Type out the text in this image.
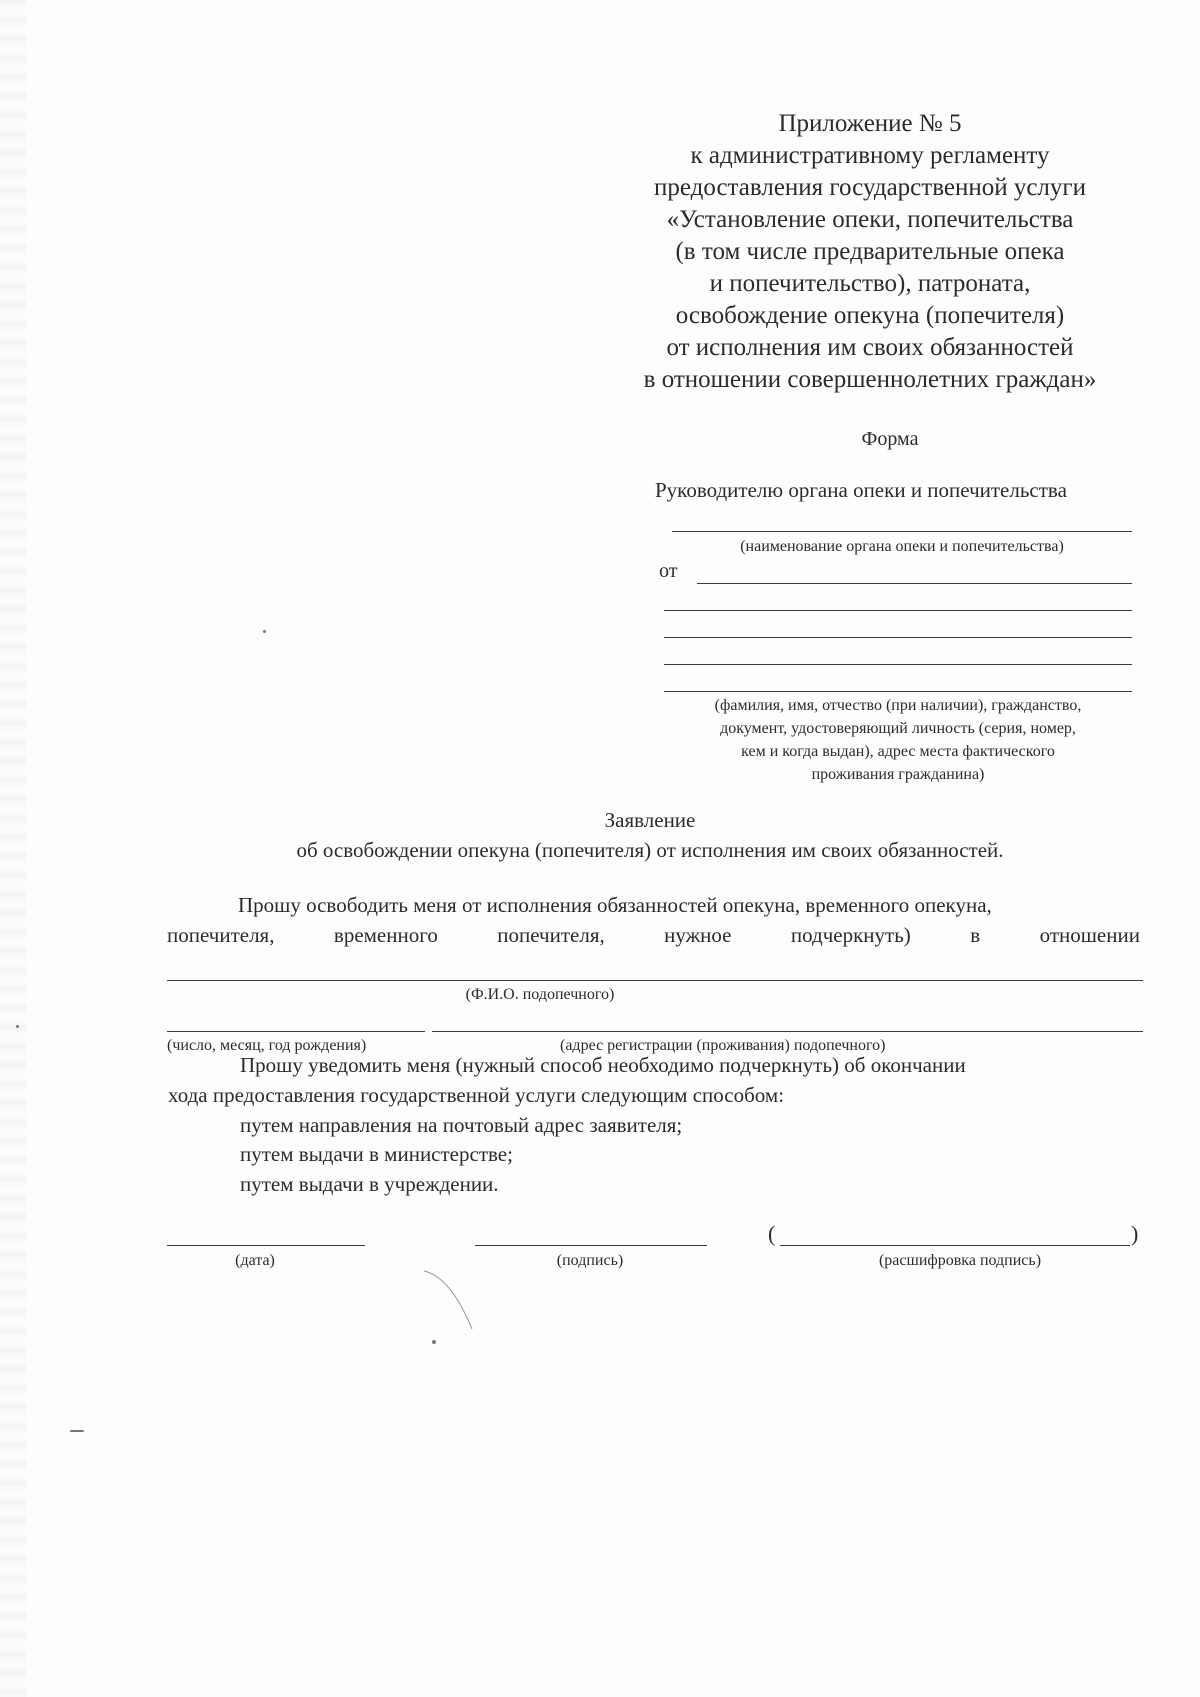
Приложение № 5
к административному регламенту
предоставления государственной услуги
«Установление опеки, попечительства
(в том числе предварительные опека
и попечительство), патроната,
освобождение опекуна (попечителя)
от исполнения им своих обязанностей
в отношении совершеннолетних граждан»
Форма
Руководителю органа опеки и попечительства
(наименование органа опеки и попечительства)
от
(фамилия, имя, отчество (при наличии), гражданство,
документ, удостоверяющий личность (серия, номер,
кем и когда выдан), адрес места фактического
проживания гражданина)
Заявление
об освобождении опекуна (попечителя) от исполнения им своих обязанностей.
Прошу освободить меня от исполнения обязанностей опекуна, временного опекуна,
попечителя,	временного	попечителя,	нужное	подчеркнуть)	в	отношении
(Ф.И.О. подопечного)
(число, месяц, год рождения)	(адрес регистрации (проживания) подопечного)
Прошу уведомить меня (нужный способ необходимо подчеркнуть) об окончании
хода предоставления государственной услуги следующим способом:
путем направления на почтовый адрес заявителя;
путем выдачи в министерстве;
путем выдачи в учреждении.
(	)
(дата)	(подпись)	(расшифровка подпись)
